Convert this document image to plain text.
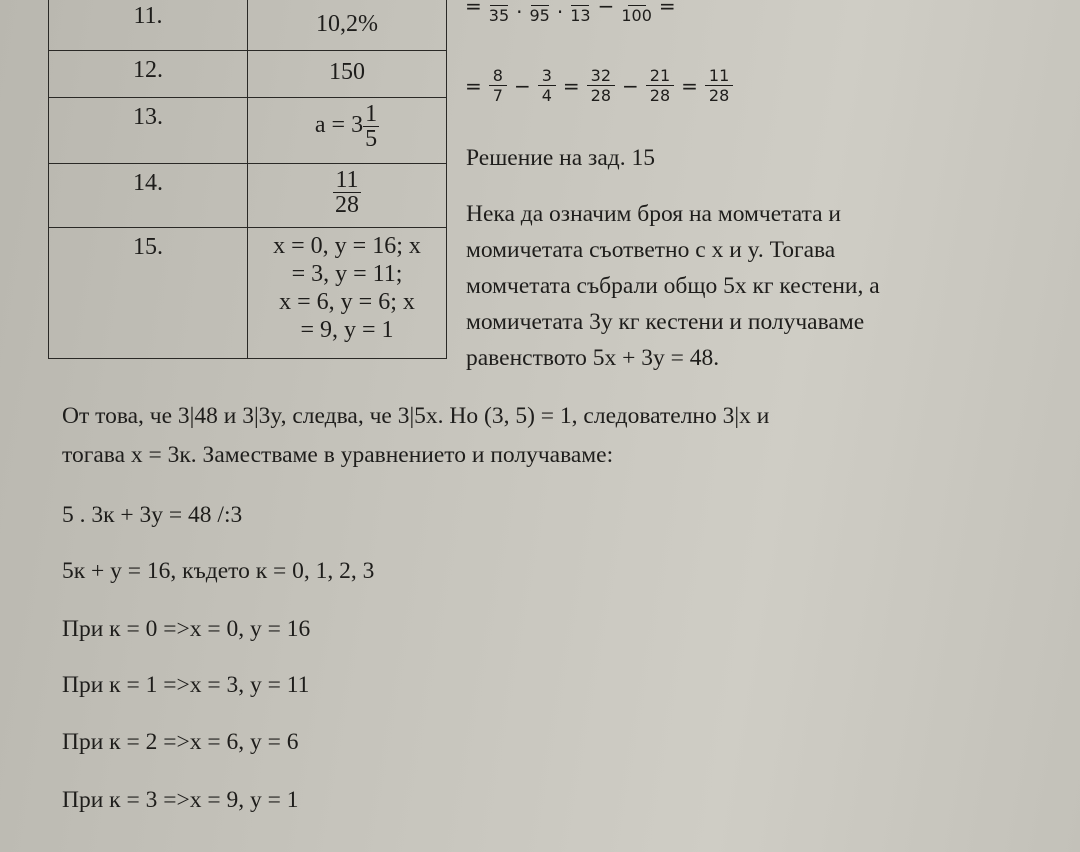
11.	10,2%
12.	150
13.	$a = 3 \frac{1}{5}$

14.	$\frac{11}{28}$

15.	x = 0, y = 16; x
= 3, y = 11;
x = 6, y = 6; x
= 9, y = 1
=
35 .
95 .
13 −
100 =
= $\frac{8}{7} - \frac{3}{4} = \frac{32}{28} - \frac{21}{28} = \frac{11}{28}$
Решение на зад. 15
Нека да означим броя на момчетата и
момичетата съответно с x и y. Тогава
момчетата събрали общо 5x кг кестени, а
момичетата 3y кг кестени и получаваме
равенството 5x + 3y = 48.
От това, че 3|48 и 3|3y, следва, че 3|5x. Но (3, 5) = 1, следователно 3|x и
тогава x = 3к. Заместваме в уравнението и получаваме:
5 . 3к + 3y = 48 /:3
5к + y = 16, където к = 0, 1, 2, 3
При к = 0 =>x = 0, y = 16
При к = 1 =>x = 3, y = 11
При к = 2 =>x = 6, y = 6
При к = 3 =>x = 9, y = 1
